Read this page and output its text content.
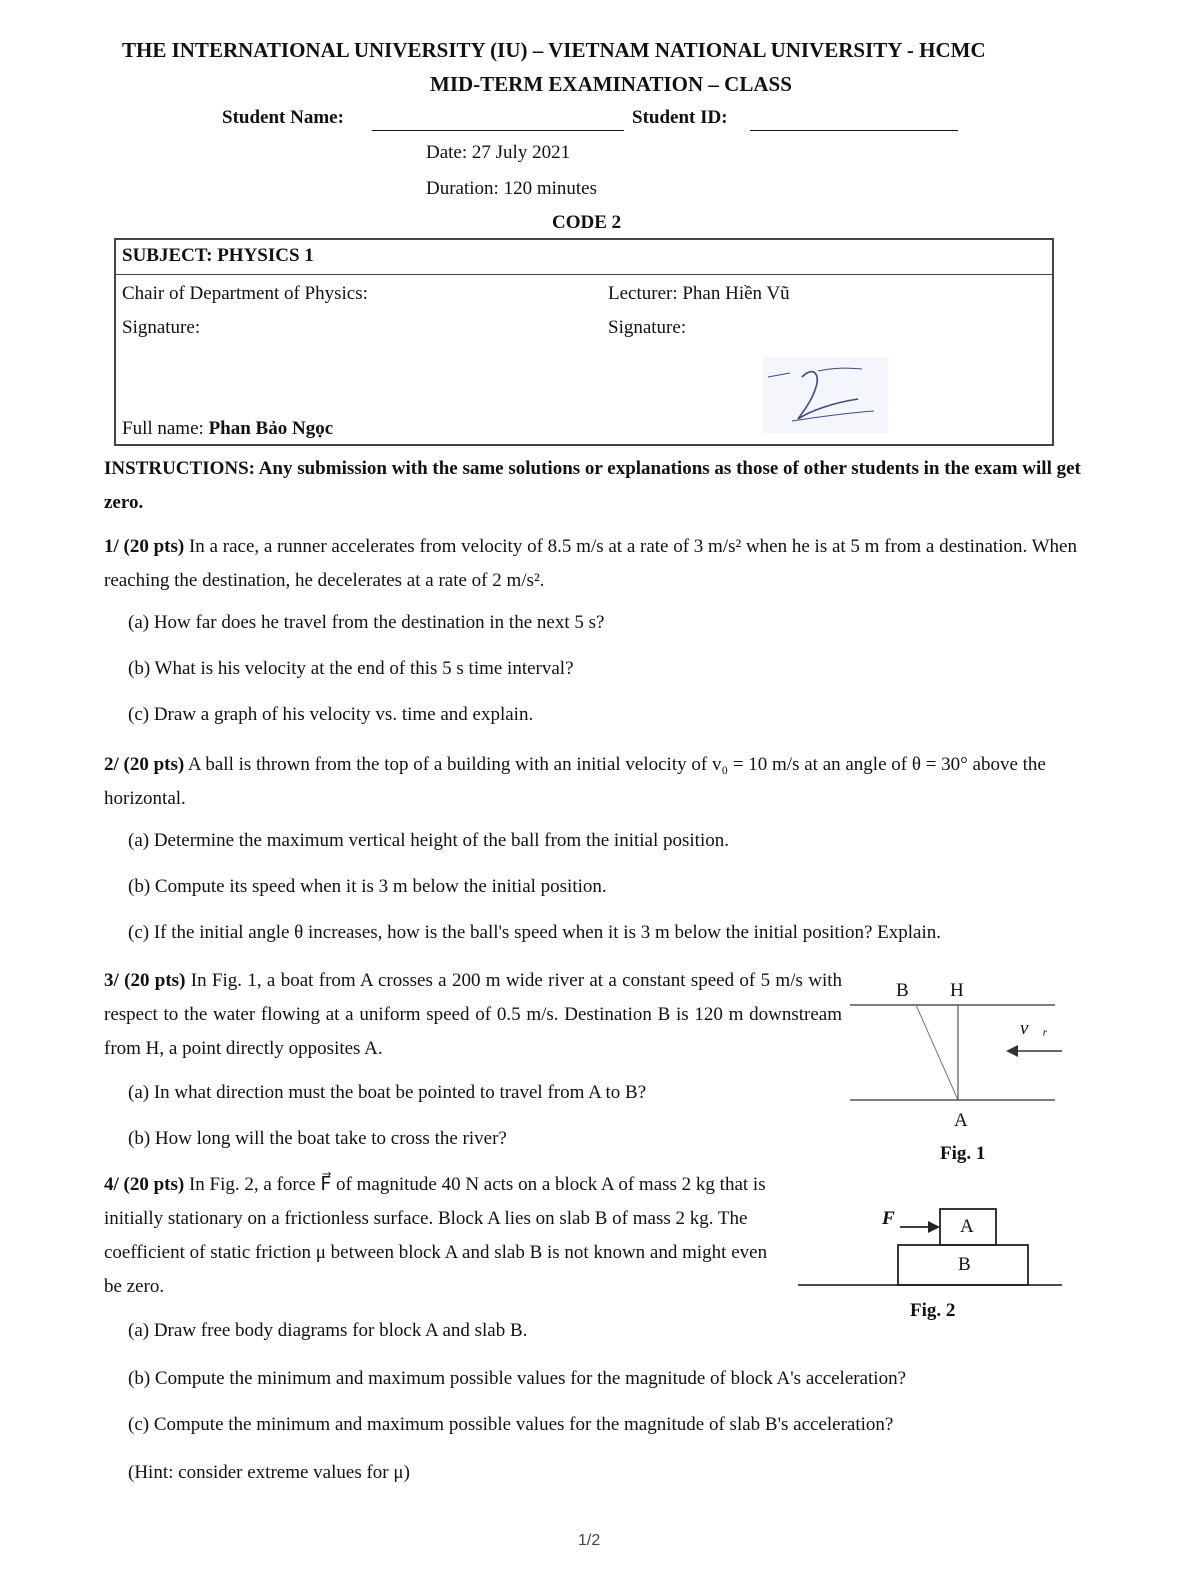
THE INTERNATIONAL UNIVERSITY (IU) – VIETNAM NATIONAL UNIVERSITY - HCMC
MID-TERM EXAMINATION – CLASS
Student Name:	Student ID:
Date: 27 July 2021
Duration: 120 minutes
CODE 2
SUBJECT: PHYSICS 1
Chair of Department of Physics:	Lecturer: Phan Hiền Vũ
Signature:	Signature:
Full name: Phan Bảo Ngọc
INSTRUCTIONS: Any submission with the same solutions or explanations as those of other students in the exam will get zero.
1/ (20 pts) In a race, a runner accelerates from velocity of 8.5 m/s at a rate of 3 m/s² when he is at 5 m from a destination. When reaching the destination, he decelerates at a rate of 2 m/s².
(a) How far does he travel from the destination in the next 5 s?
(b) What is his velocity at the end of this 5 s time interval?
(c) Draw a graph of his velocity vs. time and explain.
2/ (20 pts) A ball is thrown from the top of a building with an initial velocity of v₀ = 10 m/s at an angle of θ = 30° above the horizontal.
(a) Determine the maximum vertical height of the ball from the initial position.
(b) Compute its speed when it is 3 m below the initial position.
(c) If the initial angle θ increases, how is the ball's speed when it is 3 m below the initial position? Explain.
3/ (20 pts) In Fig. 1, a boat from A crosses a 200 m wide river at a constant speed of 5 m/s with respect to the water flowing at a uniform speed of 0.5 m/s. Destination B is 120 m downstream from H, a point directly opposites A.
(a) In what direction must the boat be pointed to travel from A to B?
(b) How long will the boat take to cross the river?
B H
v⃗ᵣ
A
Fig. 1
4/ (20 pts) In Fig. 2, a force F⃗ of magnitude 40 N acts on a block A of mass 2 kg that is initially stationary on a frictionless surface. Block A lies on slab B of mass 2 kg. The coefficient of static friction μ between block A and slab B is not known and might even be zero.
(a) Draw free body diagrams for block A and slab B.
(b) Compute the minimum and maximum possible values for the magnitude of block A's acceleration?
(c) Compute the minimum and maximum possible values for the magnitude of slab B's acceleration?
(Hint: consider extreme values for μ)
F⃗	A
B
Fig. 2
1/2
